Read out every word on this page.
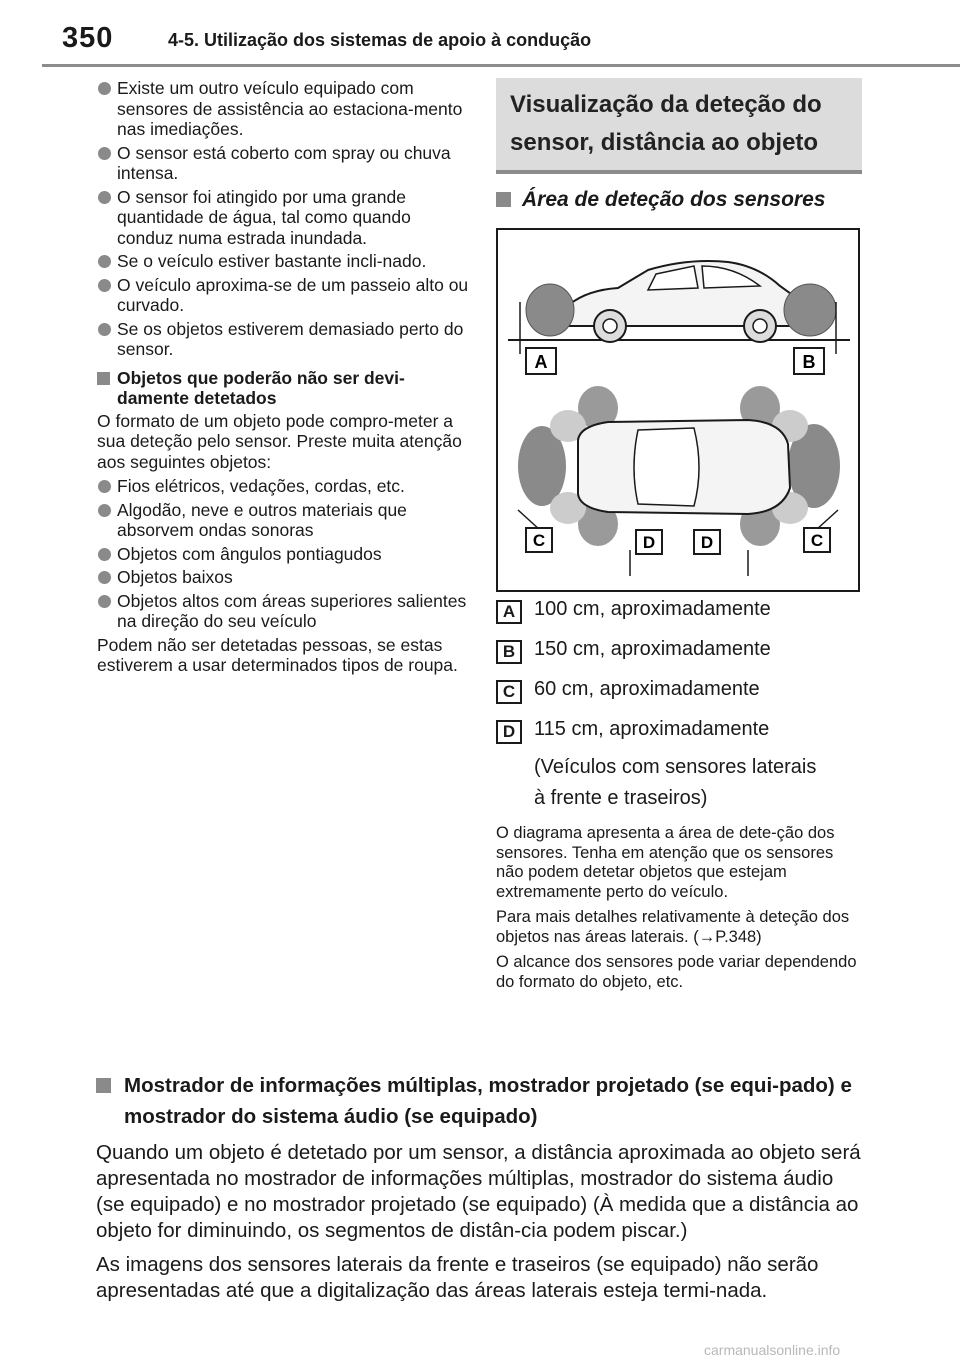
350	4-5. Utilização dos sistemas de apoio à condução
Existe um outro veículo equipado com sensores de assistência ao estaciona-mento nas imediações.
O sensor está coberto com spray ou chuva intensa.
O sensor foi atingido por uma grande quantidade de água, tal como quando conduz numa estrada inundada.
Se o veículo estiver bastante incli-nado.
O veículo aproxima-se de um passeio alto ou curvado.
Se os objetos estiverem demasiado perto do sensor.
Objetos que poderão não ser devi-damente detetados
O formato de um objeto pode compro-meter a sua deteção pelo sensor. Preste muita atenção aos seguintes objetos:
Fios elétricos, vedações, cordas, etc.
Algodão, neve e outros materiais que absorvem ondas sonoras
Objetos com ângulos pontiagudos
Objetos baixos
Objetos altos com áreas superiores salientes na direção do seu veículo
Podem não ser detetadas pessoas, se estas estiverem a usar determinados tipos de roupa.
Visualização da deteção do sensor, distância ao objeto
Área de deteção dos sensores
A	B
C	D	D	C
A 100 cm, aproximadamente
B 150 cm, aproximadamente
C 60 cm, aproximadamente
D 115 cm, aproximadamente
(Veículos com sensores laterais
à frente e traseiros)
O diagrama apresenta a área de dete-ção dos sensores. Tenha em atenção que os sensores não podem detetar objetos que estejam extremamente perto do veículo.
Para mais detalhes relativamente à deteção dos objetos nas áreas laterais. (→P.348)
O alcance dos sensores pode variar dependendo do formato do objeto, etc.
Mostrador de informações múltiplas, mostrador projetado (se equi-pado) e mostrador do sistema áudio (se equipado)
Quando um objeto é detetado por um sensor, a distância aproximada ao objeto será apresentada no mostrador de informações múltiplas, mostrador do sistema áudio (se equipado) e no mostrador projetado (se equipado) (À medida que a distância ao objeto for diminuindo, os segmentos de distân-cia podem piscar.)
As imagens dos sensores laterais da frente e traseiros (se equipado) não serão apresentadas até que a digitalização das áreas laterais esteja termi-nada.
carmanualsonline.info
